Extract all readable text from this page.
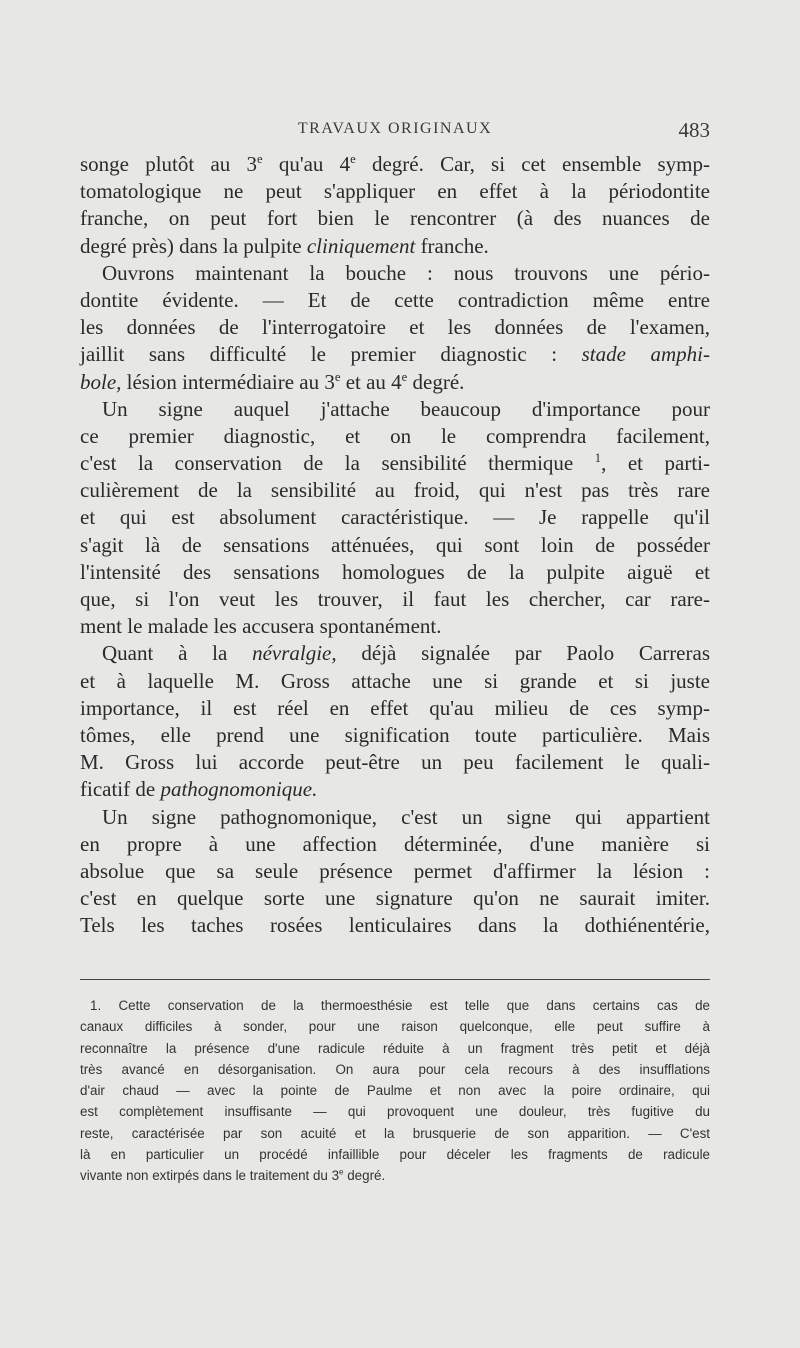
TRAVAUX ORIGINAUX	483
songe plutôt au 3e qu'au 4e degré. Car, si cet ensemble symp-
tomatologique ne peut s'appliquer en effet à la périodontite
franche, on peut fort bien le rencontrer (à des nuances de
degré près) dans la pulpite cliniquement franche.
Ouvrons maintenant la bouche : nous trouvons une pério-
dontite évidente. — Et de cette contradiction même entre
les données de l'interrogatoire et les données de l'examen,
jaillit sans difficulté le premier diagnostic : stade amphi-
bole, lésion intermédiaire au 3e et au 4e degré.
Un signe auquel j'attache beaucoup d'importance pour
ce premier diagnostic, et on le comprendra facilement,
c'est la conservation de la sensibilité thermique $^1$, et parti-
culièrement de la sensibilité au froid, qui n'est pas très rare
et qui est absolument caractéristique. — Je rappelle qu'il
s'agit là de sensations atténuées, qui sont loin de posséder
l'intensité des sensations homologues de la pulpite aiguë et
que, si l'on veut les trouver, il faut les chercher, car rare-
ment le malade les accusera spontanément.
Quant à la névralgie, déjà signalée par Paolo Carreras
et à laquelle M. Gross attache une si grande et si juste
importance, il est réel en effet qu'au milieu de ces symp-
tômes, elle prend une signification toute particulière. Mais
M. Gross lui accorde peut-être un peu facilement le quali-
ficatif de pathognomonique.
Un signe pathognomonique, c'est un signe qui appartient
en propre à une affection déterminée, d'une manière si
absolue que sa seule présence permet d'affirmer la lésion :
c'est en quelque sorte une signature qu'on ne saurait imiter.
Tels les taches rosées lenticulaires dans la dothiénentérie,
1. Cette conservation de la thermoesthésie est telle que dans certains cas de
canaux difficiles à sonder, pour une raison quelconque, elle peut suffire à
reconnaître la présence d'une radicule réduite à un fragment très petit et déjà
très avancé en désorganisation. On aura pour cela recours à des insufflations
d'air chaud — avec la pointe de Paulme et non avec la poire ordinaire, qui
est complètement insuffisante — qui provoquent une douleur, très fugitive du
reste, caractérisée par son acuité et la brusquerie de son apparition. — C'est
là en particulier un procédé infaillible pour déceler les fragments de radicule
vivante non extirpés dans le traitement du 3e degré.
